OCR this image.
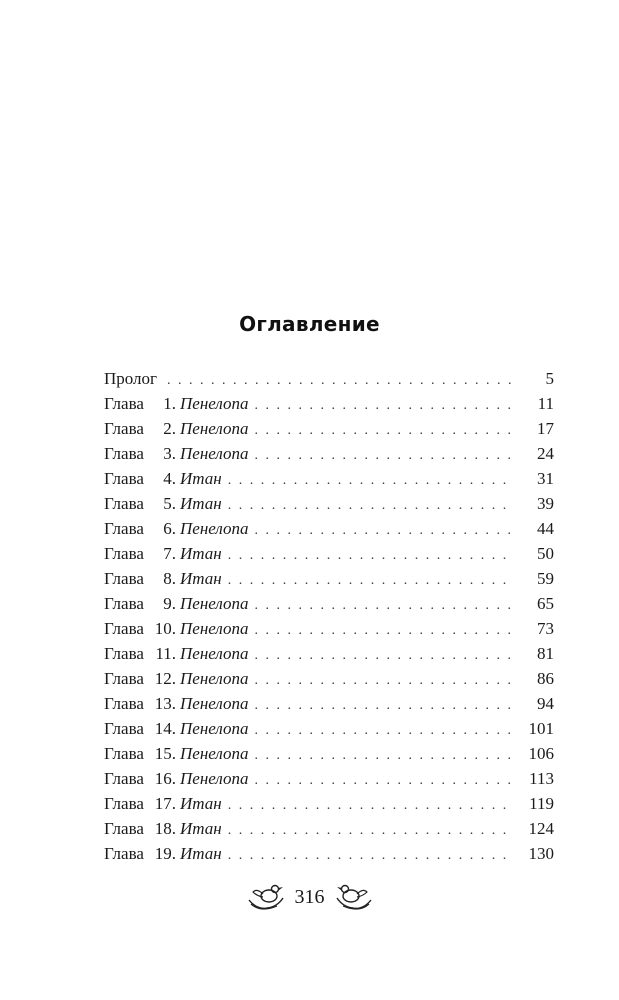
Оглавление
Пролог . . .	5
Глава	1. Пенелопа . . .	11
Глава	2. Пенелопа . . .	17
Глава	3. Пенелопа . . .	24
Глава	4. Итан . . .	31
Глава	5. Итан . . .	39
Глава	6. Пенелопа . . .	44
Глава	7. Итан . . .	50
Глава	8. Итан . . .	59
Глава	9. Пенелопа . . .	65
Глава 10. Пенелопа . . .	73
Глава 11. Пенелопа . . .	81
Глава 12. Пенелопа . . .	86
Глава 13. Пенелопа . . .	94
Глава 14. Пенелопа . . .	101
Глава 15. Пенелопа . . .	106
Глава 16. Пенелопа . . .	113
Глава 17. Итан . . .	119
Глава 18. Итан . . .	124
Глава 19. Итан . . .	130
316
